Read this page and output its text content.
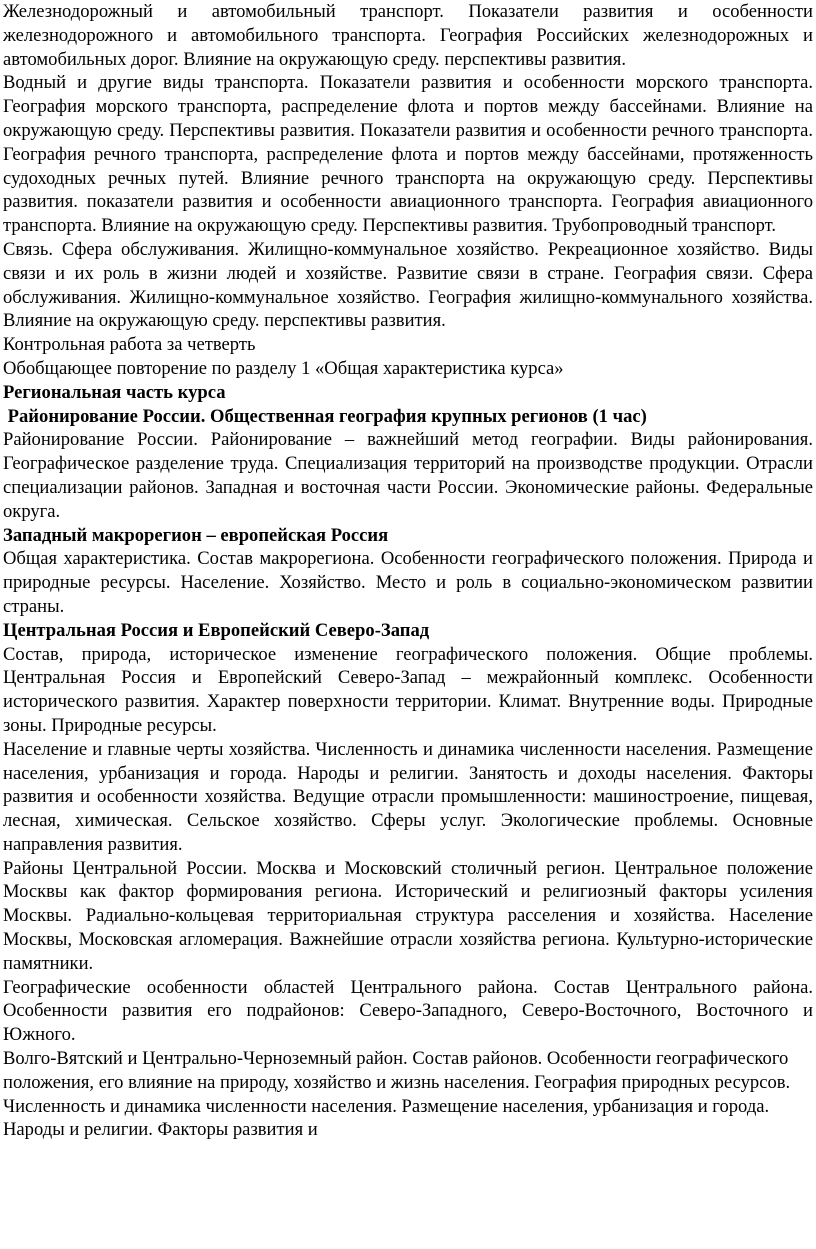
Железнодорожный и автомобильный транспорт. Показатели развития и особенности железнодорожного и автомобильного транспорта. География Российских железнодорожных и автомобильных дорог. Влияние на окружающую среду. перспективы развития.

Водный и другие виды транспорта. Показатели развития и особенности морского транспорта. География морского транспорта, распределение флота и портов между бассейнами. Влияние на окружающую среду. Перспективы развития. Показатели развития и особенности речного транспорта. География речного транспорта, распределение флота и портов между бассейнами, протяженность судоходных речных путей. Влияние речного транспорта на окружающую среду. Перспективы развития. показатели развития и особенности авиационного транспорта. География авиационного транспорта. Влияние на окружающую среду. Перспективы развития. Трубопроводный транспорт.

Связь. Сфера обслуживания. Жилищно-коммунальное хозяйство. Рекреационное хозяйство. Виды связи и их роль в жизни людей и хозяйстве. Развитие связи в стране. География связи. Сфера обслуживания. Жилищно-коммунальное хозяйство. География жилищно-коммунального хозяйства. Влияние на окружающую среду. перспективы развития.

Контрольная работа за четверть

Обобщающее повторение по разделу 1 «Общая характеристика курса»

Региональная часть курса

Районирование России. Общественная география крупных регионов (1 час)

Районирование России. Районирование – важнейший метод географии. Виды районирования. Географическое разделение труда. Специализация территорий на производстве продукции. Отрасли специализации районов. Западная и восточная части России. Экономические районы. Федеральные округа.

Западный макрорегион – европейская Россия

Общая характеристика. Состав макрорегиона. Особенности географического положения. Природа и природные ресурсы. Население. Хозяйство. Место и роль в социально-экономическом развитии страны.

Центральная Россия и Европейский Северо-Запад

Состав, природа, историческое изменение географического положения. Общие проблемы. Центральная Россия и Европейский Северо-Запад – межрайонный комплекс. Особенности исторического развития. Характер поверхности территории. Климат. Внутренние воды. Природные зоны. Природные ресурсы.

Население и главные черты хозяйства. Численность и динамика численности населения. Размещение населения, урбанизация и города. Народы и религии. Занятость и доходы населения. Факторы развития и особенности хозяйства. Ведущие отрасли промышленности: машиностроение, пищевая, лесная, химическая. Сельское хозяйство. Сферы услуг. Экологические проблемы. Основные направления развития.

Районы Центральной России. Москва и Московский столичный регион. Центральное положение Москвы как фактор формирования региона. Исторический и религиозный факторы усиления Москвы. Радиально-кольцевая территориальная структура расселения и хозяйства. Население Москвы, Московская агломерация. Важнейшие отрасли хозяйства региона. Культурно-исторические памятники.

Географические особенности областей Центрального района. Состав Центрального района. Особенности развития его подрайонов: Северо-Западного, Северо-Восточного, Восточного и Южного.

Волго-Вятский и Центрально-Черноземный район. Состав районов. Особенности географического положения, его влияние на природу, хозяйство и жизнь населения. География природных ресурсов. Численность и динамика численности населения. Размещение населения, урбанизация и города. Народы и религии. Факторы развития и
